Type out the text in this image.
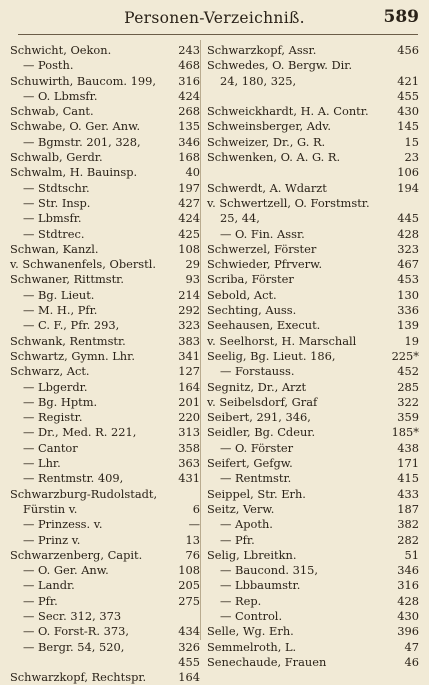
Personen-Verzeichniß.	589
Schwicht, Oekon.	243
— Posth.	468
Schuwirth, Baucom. 199, 316
— O. Lbmsfr.	424
Schwab, Cant.	268
Schwabe, O. Ger. Anw.	135
— Bgmstr. 201, 328,	346
Schwalb, Gerdr.	168
Schwalm, H. Bauinsp.	40
— Stdtschr.	197
— Str. Insp.	427
— Lbmsfr.	424
— Stdtrec.	425
Schwan, Kanzl.	108
v. Schwanenfels, Oberstl.	29
Schwaner, Rittmstr.	93
— Bg. Lieut.	214
— M. H., Pfr.	292
— C. F., Pfr. 293,	323
Schwank, Rentmstr.	383
Schwartz, Gymn. Lhr.	341
Schwarz, Act.	127
— Lbgerdr.	164
— Bg. Hptm.	201
— Registr.	220
— Dr., Med. R. 221,	313
— Cantor	358
— Lhr.	363
— Rentmstr. 409,	431
Schwarzburg-Rudolstadt,
Fürstin v.	6
— Prinzess. v.	—
— Prinz v.	13
Schwarzenberg, Capit.	76
— O. Ger. Anw.	108
— Landr.	205
— Pfr.	275
— Secr. 312, 373
— O. Forst-R. 373,	434
— Bergr. 54, 520,	326
455
Schwarzkopf, Rechtspr.	164
Schwarzkopf, Assr.	456
Schwedes, O. Bergw. Dir.
24, 180, 325,	421
455
Schweickhardt, H. A. Contr.	430
Schweinsberger, Adv.	145
Schweizer, Dr., G. R.	15
Schwenken, O. A. G. R.	23
106
Schwerdt, A. Wdarzt	194
v. Schwertzell, O. Forstmstr.
25, 44,	445
— O. Fin. Assr.	428
Schwerzel, Förster	323
Schwieder, Pfrverw.	467
Scriba, Förster	453
Sebold, Act.	130
Sechting, Auss.	336
Seehausen, Execut.	139
v. Seelhorst, H. Marschall	19
Seelig, Bg. Lieut. 186,	225*
— Forstauss.	452
Segnitz, Dr., Arzt	285
v. Seibelsdorf, Graf	322
Seibert, 291, 346,	359
Seidler, Bg. Cdeur.	185*
— O. Förster	438
Seifert, Gefgw.	171
— Rentmstr.	415
Seippel, Str. Erh.	433
Seitz, Verw.	187
— Apoth.	382
— Pfr.	282
Selig, Lbreitkn.	51
— Baucond. 315,	346
— Lbbaumstr.	316
— Rep.	428
— Control.	430
Selle, Wg. Erh.	396
Semmelroth, L.	47
Senechaude, Frauen	46
